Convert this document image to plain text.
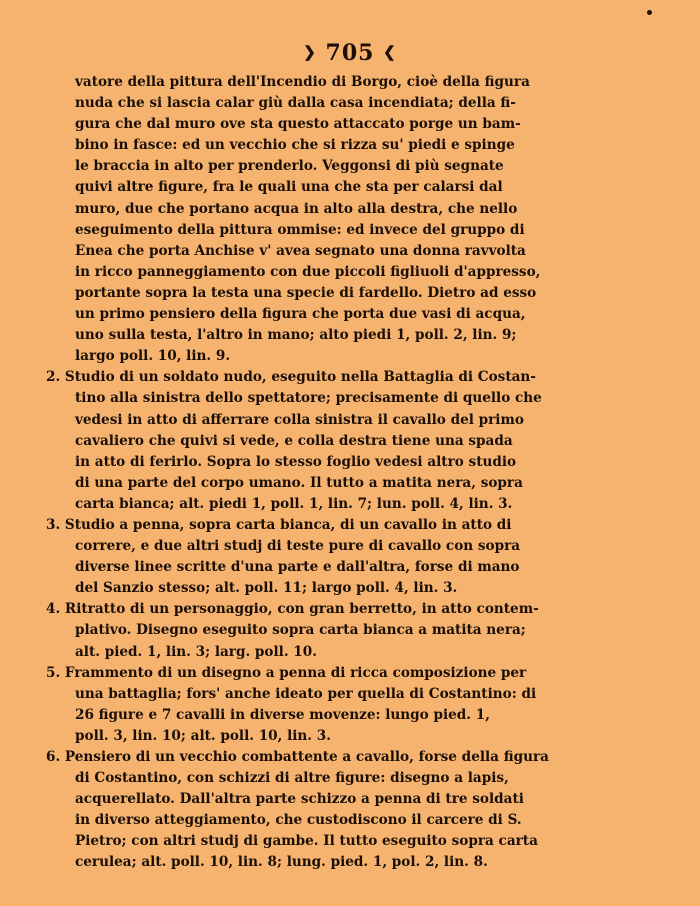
❯ 705 ❮
vatore della pittura dell'Incendio di Borgo, cioè della figura
nuda che si lascia calar giù dalla casa incendiata; della fi-
gura che dal muro ove sta questo attaccato porge un bam-
bino in fasce: ed un vecchio che si rizza su' piedi e spinge
le braccia in alto per prenderlo. Veggonsi di più segnate
quivi altre figure, fra le quali una che sta per calarsi dal
muro, due che portano acqua in alto alla destra, che nello
eseguimento della pittura ommise: ed invece del gruppo di
Enea che porta Anchise v' avea segnato una donna ravvolta
in ricco panneggiamento con due piccoli figliuoli d'appresso,
portante sopra la testa una specie di fardello. Dietro ad esso
un primo pensiero della figura che porta due vasi di acqua,
uno sulla testa, l'altro in mano; alto piedi 1, poll. 2, lin. 9;
largo poll. 10, lin. 9.
2. Studio di un soldato nudo, eseguito nella Battaglia di Costan-
tino alla sinistra dello spettatore; precisamente di quello che
vedesi in atto di afferrare colla sinistra il cavallo del primo
cavaliero che quivi si vede, e colla destra tiene una spada
in atto di ferirlo. Sopra lo stesso foglio vedesi altro studio
di una parte del corpo umano. Il tutto a matita nera, sopra
carta bianca; alt. piedi 1, poll. 1, lin. 7; lun. poll. 4, lin. 3.
3. Studio a penna, sopra carta bianca, di un cavallo in atto di
correre, e due altri studj di teste pure di cavallo con sopra
diverse linee scritte d'una parte e dall'altra, forse di mano
del Sanzio stesso; alt. poll. 11; largo poll. 4, lin. 3.
4. Ritratto di un personaggio, con gran berretto, in atto contem-
plativo. Disegno eseguito sopra carta bianca a matita nera;
alt. pied. 1, lin. 3; larg. poll. 10.
5. Frammento di un disegno a penna di ricca composizione per
una battaglia; fors' anche ideato per quella di Costantino: di
26 figure e 7 cavalli in diverse movenze: lungo pied. 1,
poll. 3, lin. 10; alt. poll. 10, lin. 3.
6. Pensiero di un vecchio combattente a cavallo, forse della figura
di Costantino, con schizzi di altre figure: disegno a lapis,
acquerellato. Dall'altra parte schizzo a penna di tre soldati
in diverso atteggiamento, che custodiscono il carcere di S.
Pietro; con altri studj di gambe. Il tutto eseguito sopra carta
cerulea; alt. poll. 10, lin. 8; lung. pied. 1, pol. 2, lin. 8.
